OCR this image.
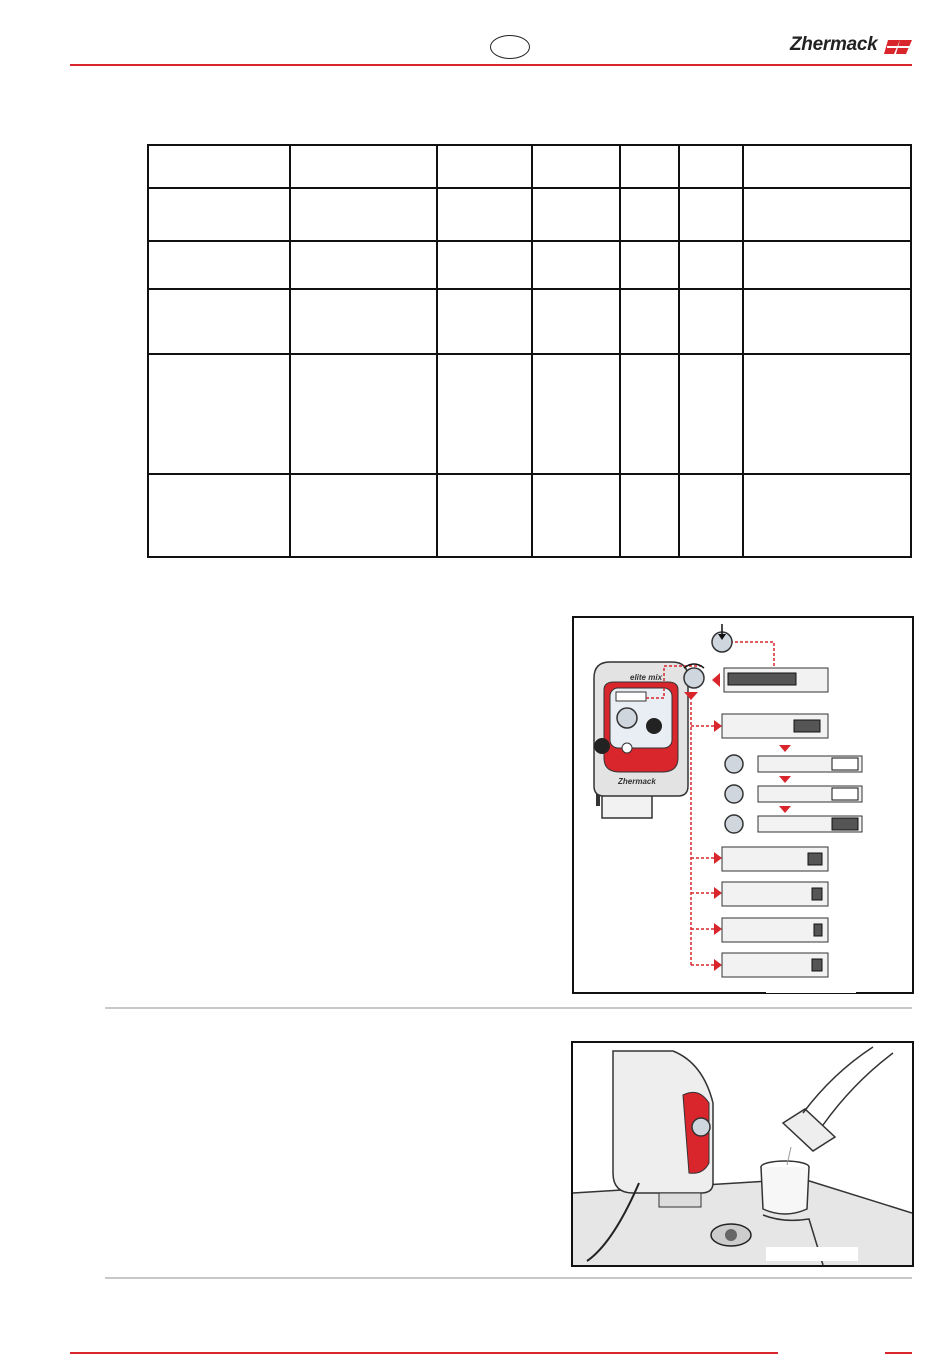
Zhermack

elite mix
Zhermack
